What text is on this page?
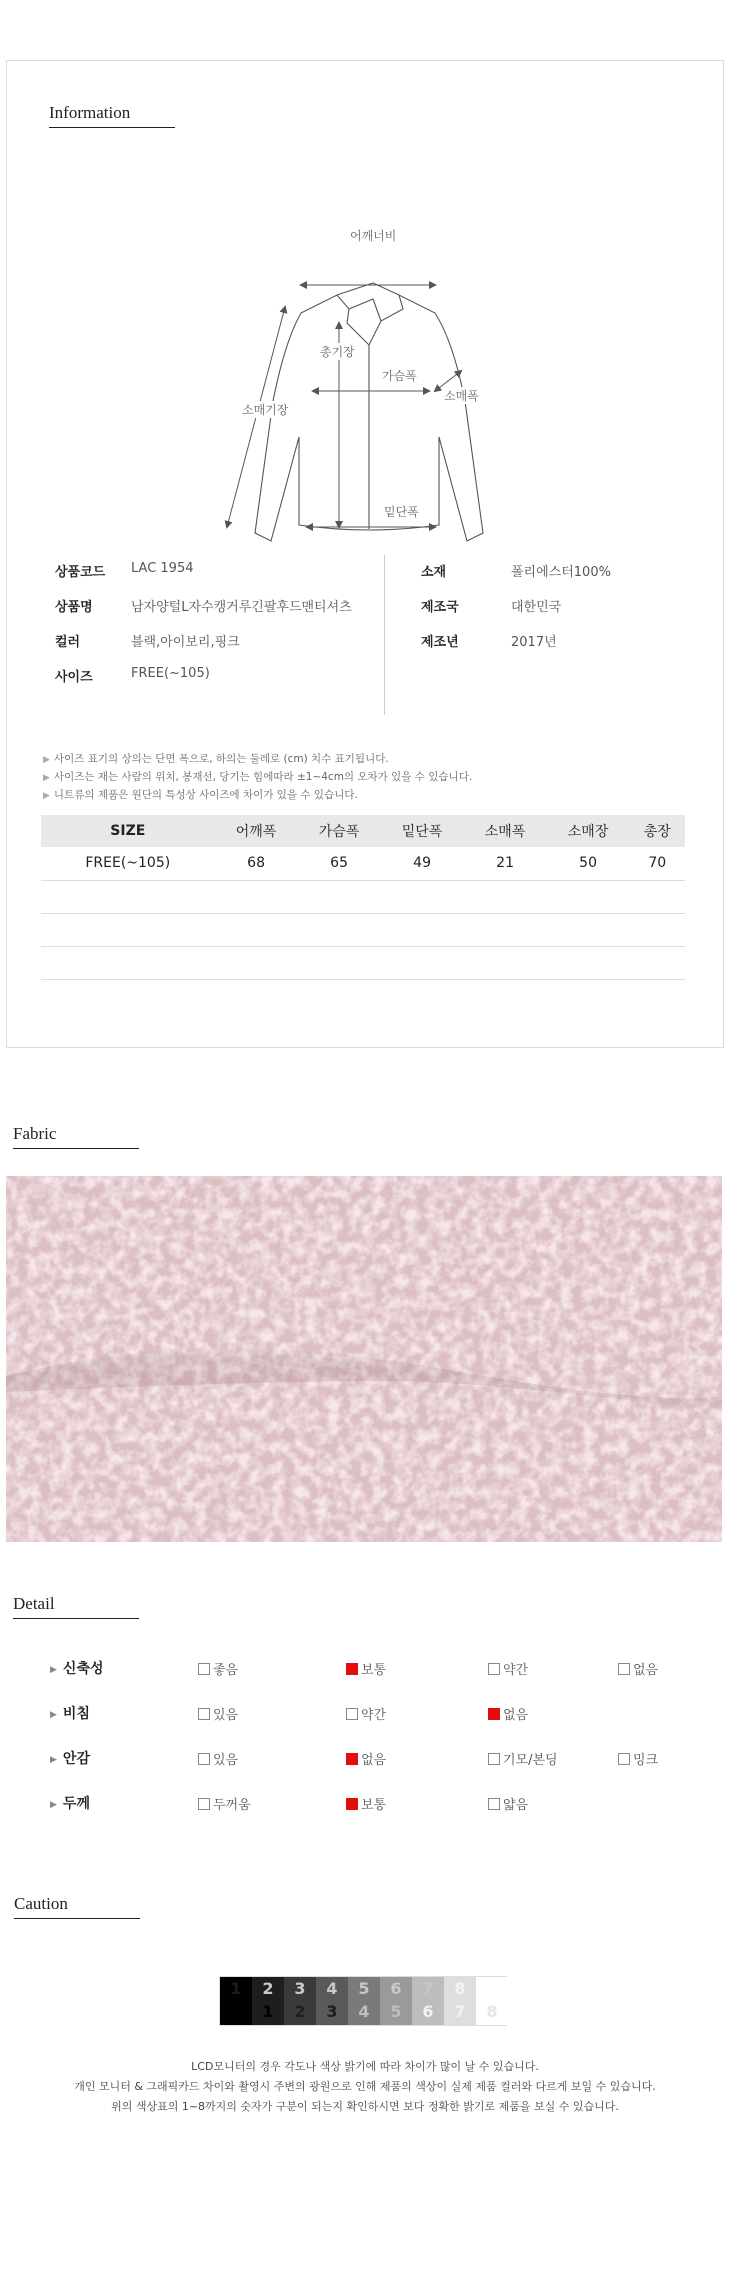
Information
어깨너비
총기장
가슴폭
소매기장
소매폭
밑단폭
상품코드 LAC 1954
상품명	남자양털L자수캥거루긴팔후드맨티셔츠
컬러	블랙,아이보리,핑크
사이즈	FREE(~105)
소재	폴리에스터100%
제조국	대한민국
제조년	2017년
▶ 사이즈 표기의 상의는 단면 폭으로, 하의는 둘레로 (cm) 치수 표기됩니다.
▶ 사이즈는 재는 사람의 위치, 봉재선, 당기는 힘에따라 ±1~4cm의 오차가 있을 수 있습니다.
▶ 니트류의 제품은 원단의 특성상 사이즈에 차이가 있을 수 있습니다.
SIZE	어깨폭	가슴폭	밑단폭	소매폭	소매장	총장
FREE(~105)	68	65	49	21	50	70

Fabric
Detail
▶ 신축성	좋음	보통	약간	없음
▶ 비침	있음	약간	없음
▶ 안감	있음	없음	기모/본딩	밍크
▶ 두께	두꺼움	보통	얇음
Caution
1	2
1
3
2
4
3
5
4
6
5
7
6
8
7	8
LCD모니터의 경우 각도나 색상 밝기에 따라 차이가 많이 날 수 있습니다.
개인 모니터 & 그래픽카드 차이와 촬영시 주변의 광원으로 인해 제품의 색상이 실제 제품 컬러와 다르게 보일 수 있습니다.
위의 색상표의 1~8까지의 숫자가 구분이 되는지 확인하시면 보다 정확한 밝기로 제품을 보실 수 있습니다.
